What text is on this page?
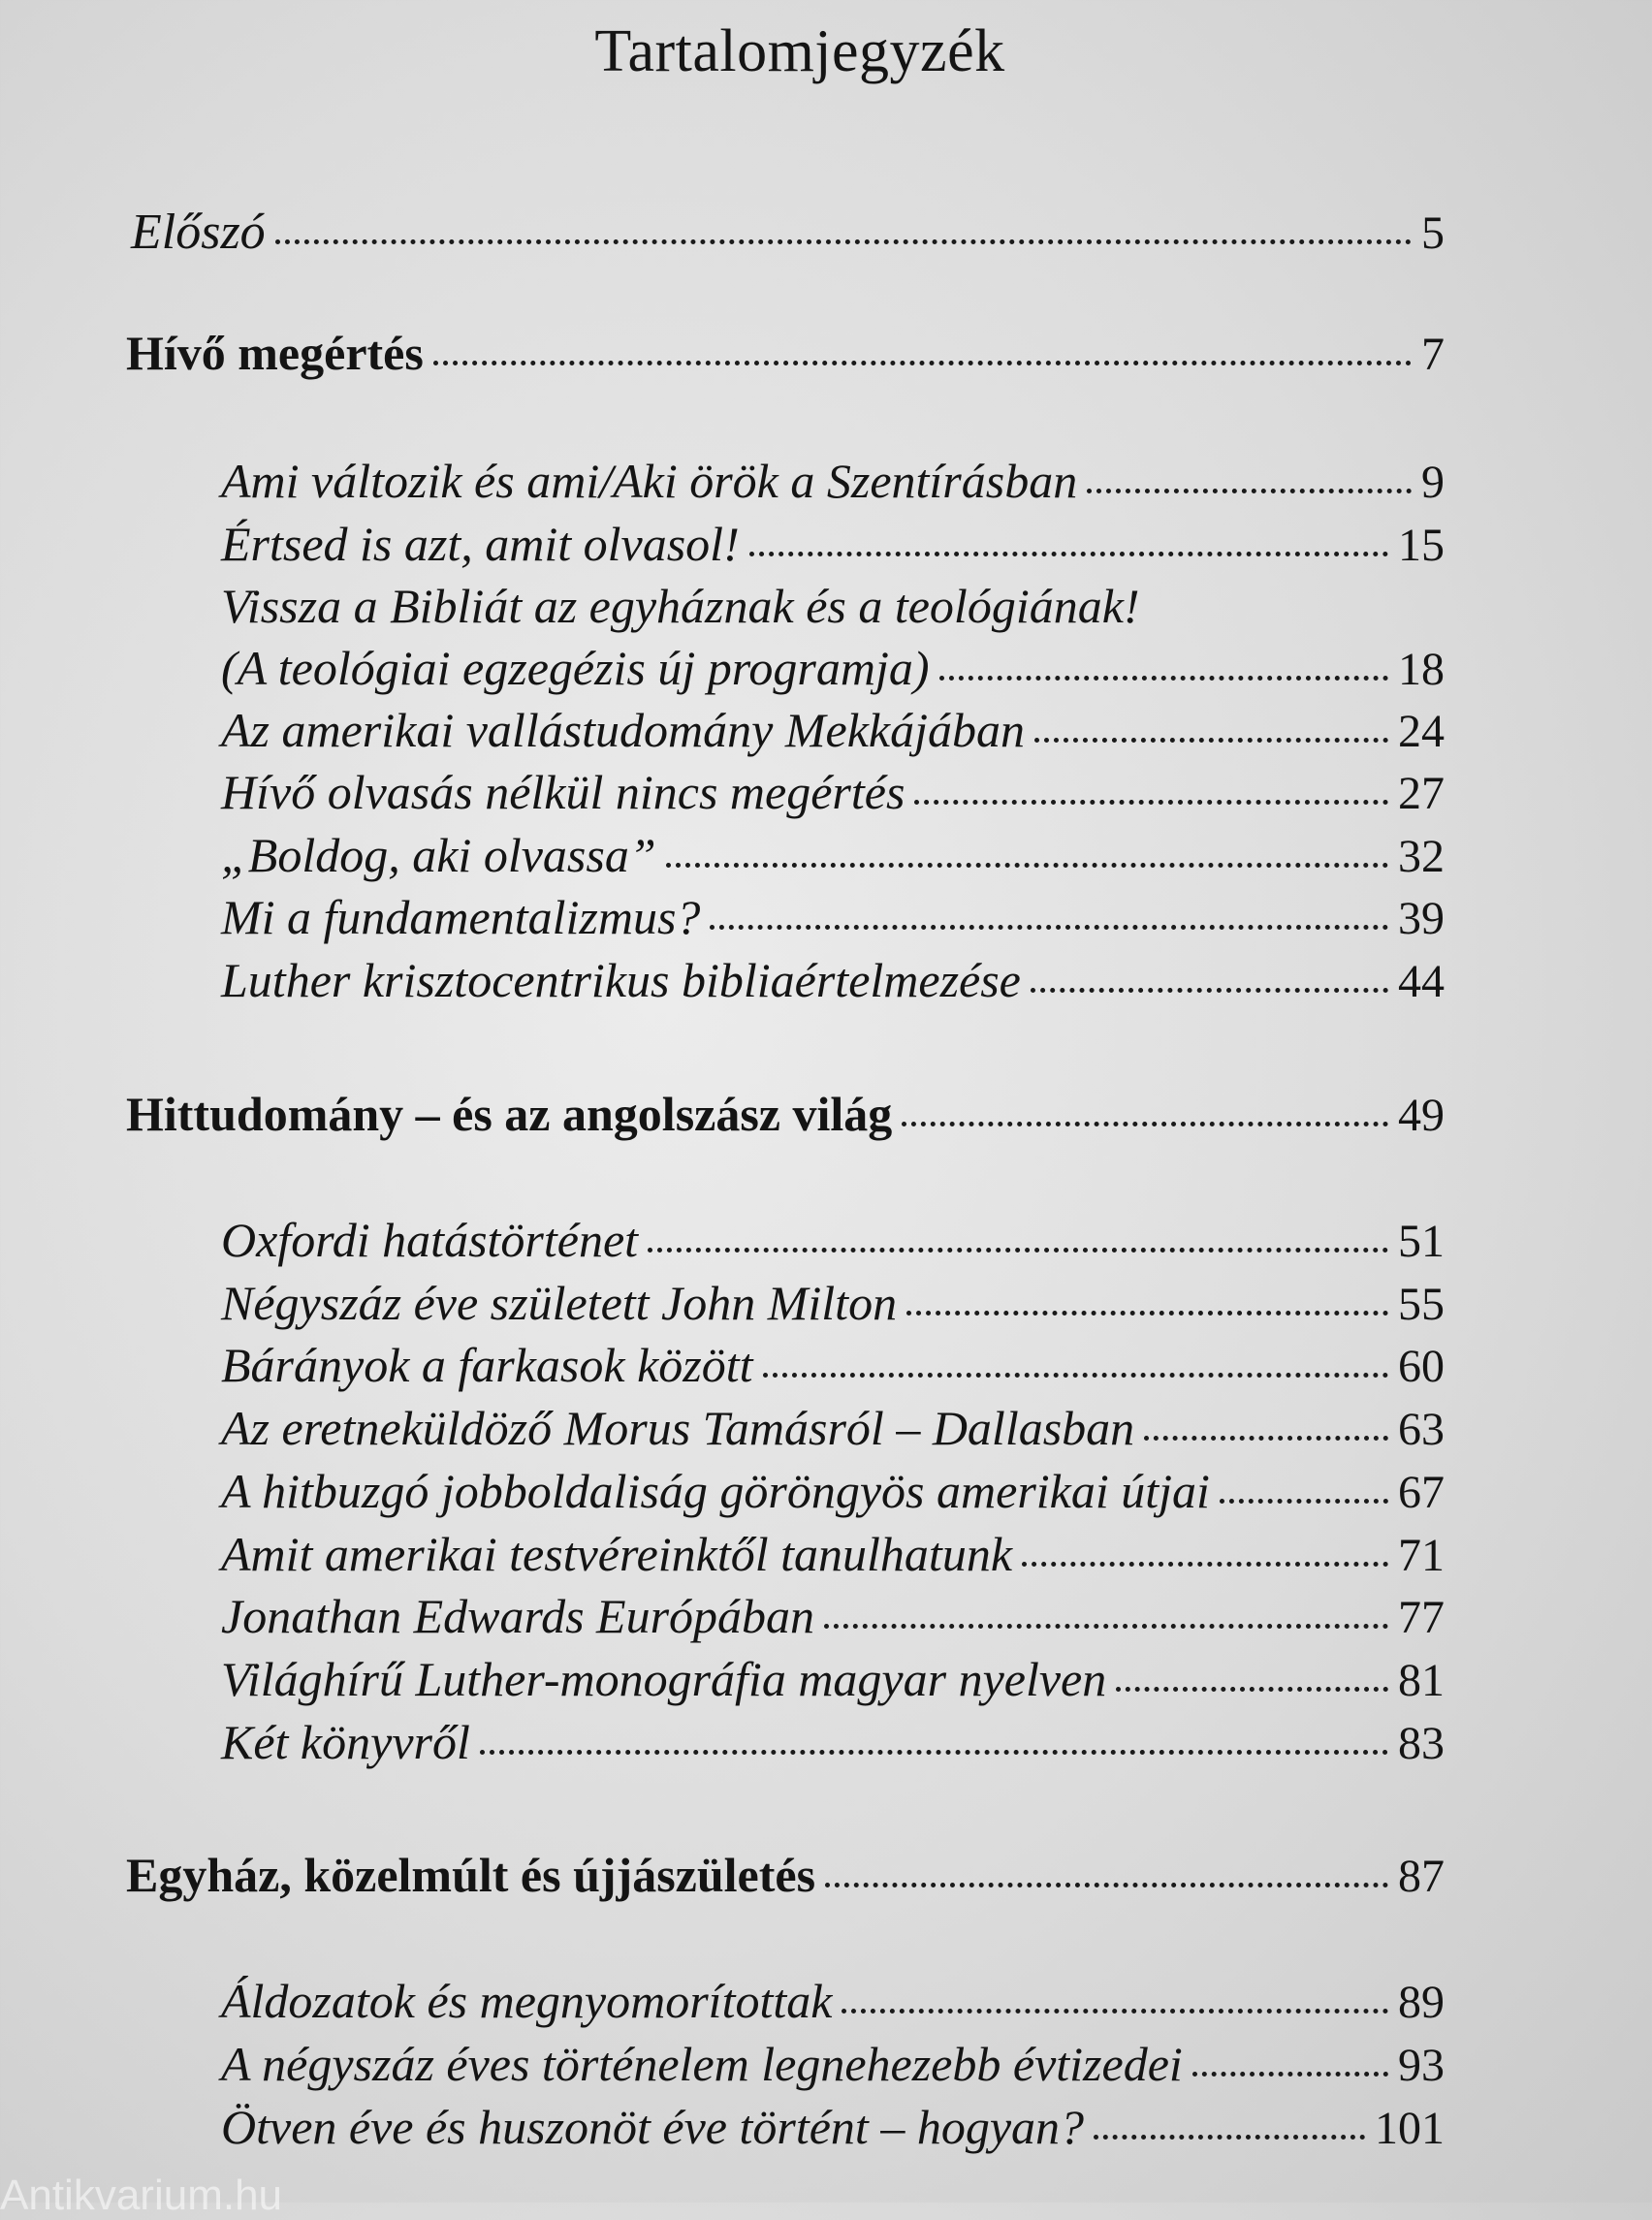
Tartalomjegyzék
Előszó	5
Hívő megértés	7
Ami változik és ami/Aki örök a Szentírásban	9
Értsed is azt, amit olvasol!	15
Vissza a Bibliát az egyháznak és a teológiának!
(A teológiai egzegézis új programja)	18
Az amerikai vallástudomány Mekkájában	24
Hívő olvasás nélkül nincs megértés	27
„Boldog, aki olvassa”	32
Mi a fundamentalizmus?	39
Luther krisztocentrikus bibliaértelmezése	44
Hittudomány – és az angolszász világ	49
Oxfordi hatástörténet	51
Négyszáz éve született John Milton	55
Bárányok a farkasok között	60
Az eretneküldöző Morus Tamásról – Dallasban	63
A hitbuzgó jobboldaliság göröngyös amerikai útjai	67
Amit amerikai testvéreinktől tanulhatunk	71
Jonathan Edwards Európában	77
Világhírű Luther-monográfia magyar nyelven	81
Két könyvről	83
Egyház, közelmúlt és újjászületés	87
Áldozatok és megnyomorítottak	89
A négyszáz éves történelem legnehezebb évtizedei	93
Ötven éve és huszonöt éve történt – hogyan?	101
Antikvarium.hu
